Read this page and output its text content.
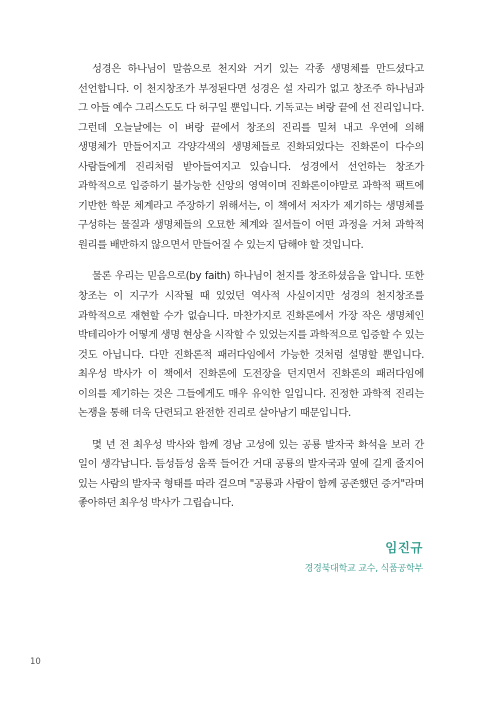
성경은 하나님이 말씀으로 천지와 거기 있는 각종 생명체를 만드셨다고 선언합니다. 이 천지창조가 부정된다면 성경은 설 자리가 없고 창조주 하나님과 그 아들 예수 그리스도도 다 허구일 뿐입니다. 기독교는 벼랑 끝에 선 진리입니다. 그런데 오늘날에는 이 벼랑 끝에서 창조의 진리를 밀쳐 내고 우연에 의해 생명체가 만들어지고 각양각색의 생명체들로 진화되었다는 진화론이 다수의 사람들에게 진리처럼 받아들여지고 있습니다. 성경에서 선언하는 창조가 과학적으로 입증하기 불가능한 신앙의 영역이며 진화론이야말로 과학적 팩트에 기반한 학문 체계라고 주장하기 위해서는, 이 책에서 저자가 제기하는 생명체를 구성하는 물질과 생명체들의 오묘한 체계와 질서들이 어떤 과정을 거쳐 과학적 원리를 배반하지 않으면서 만들어질 수 있는지 답해야 할 것입니다.

물론 우리는 믿음으로(by faith) 하나님이 천지를 창조하셨음을 압니다. 또한 창조는 이 지구가 시작될 때 있었던 역사적 사실이지만 성경의 천지창조를 과학적으로 재현할 수가 없습니다. 마찬가지로 진화론에서 가장 작은 생명체인 박테리아가 어떻게 생명 현상을 시작할 수 있었는지를 과학적으로 입증할 수 있는 것도 아닙니다. 다만 진화론적 패러다임에서 가능한 것처럼 설명할 뿐입니다. 최우성 박사가 이 책에서 진화론에 도전장을 던지면서 진화론의 패러다임에 이의를 제기하는 것은 그들에게도 매우 유익한 일입니다. 진정한 과학적 진리는 논쟁을 통해 더욱 단련되고 완전한 진리로 살아남기 때문입니다.

몇 년 전 최우성 박사와 함께 경남 고성에 있는 공룡 발자국 화석을 보러 간 일이 생각납니다. 듬성듬성 움푹 들어간 거대 공룡의 발자국과 옆에 길게 줄지어 있는 사람의 발자국 형태를 따라 걸으며 "공룡과 사람이 함께 공존했던 증거"라며 좋아하던 최우성 박사가 그립습니다.

임진규

경경북대학교 교수, 식품공학부

10
